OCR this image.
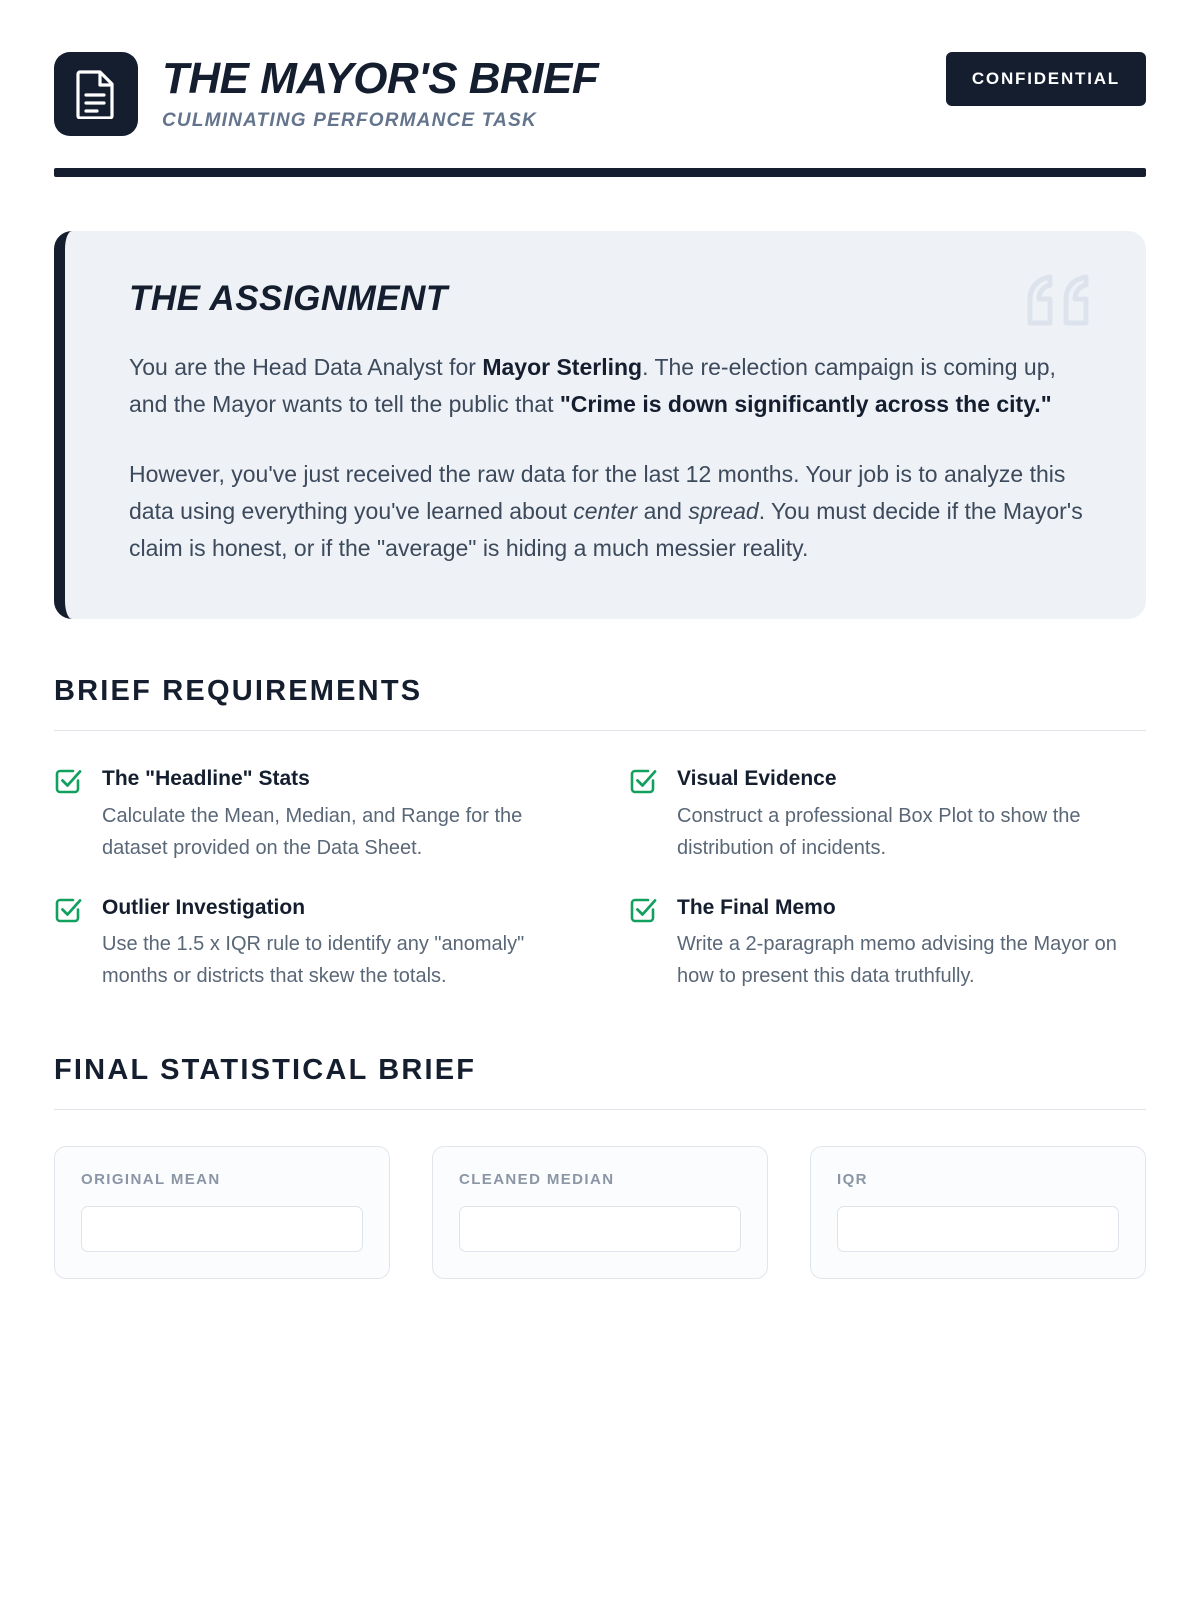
THE MAYOR'S BRIEF
CULMINATING PERFORMANCE TASK
CONFIDENTIAL
THE ASSIGNMENT

You are the Head Data Analyst for Mayor Sterling. The re-election campaign is coming up, and the Mayor wants to tell the public that "Crime is down significantly across the city."

However, you've just received the raw data for the last 12 months. Your job is to analyze this data using everything you've learned about center and spread. You must decide if the Mayor's claim is honest, or if the "average" is hiding a much messier reality.

BRIEF REQUIREMENTS
The "Headline" Stats
Calculate the Mean, Median, and Range for the dataset provided on the Data Sheet.
Visual Evidence
Construct a professional Box Plot to show the distribution of incidents.
Outlier Investigation
Use the 1.5 x IQR rule to identify any "anomaly" months or districts that skew the totals.
The Final Memo
Write a 2-paragraph memo advising the Mayor on how to present this data truthfully.
FINAL STATISTICAL BRIEF
ORIGINAL MEAN	CLEANED MEDIAN	IQR
